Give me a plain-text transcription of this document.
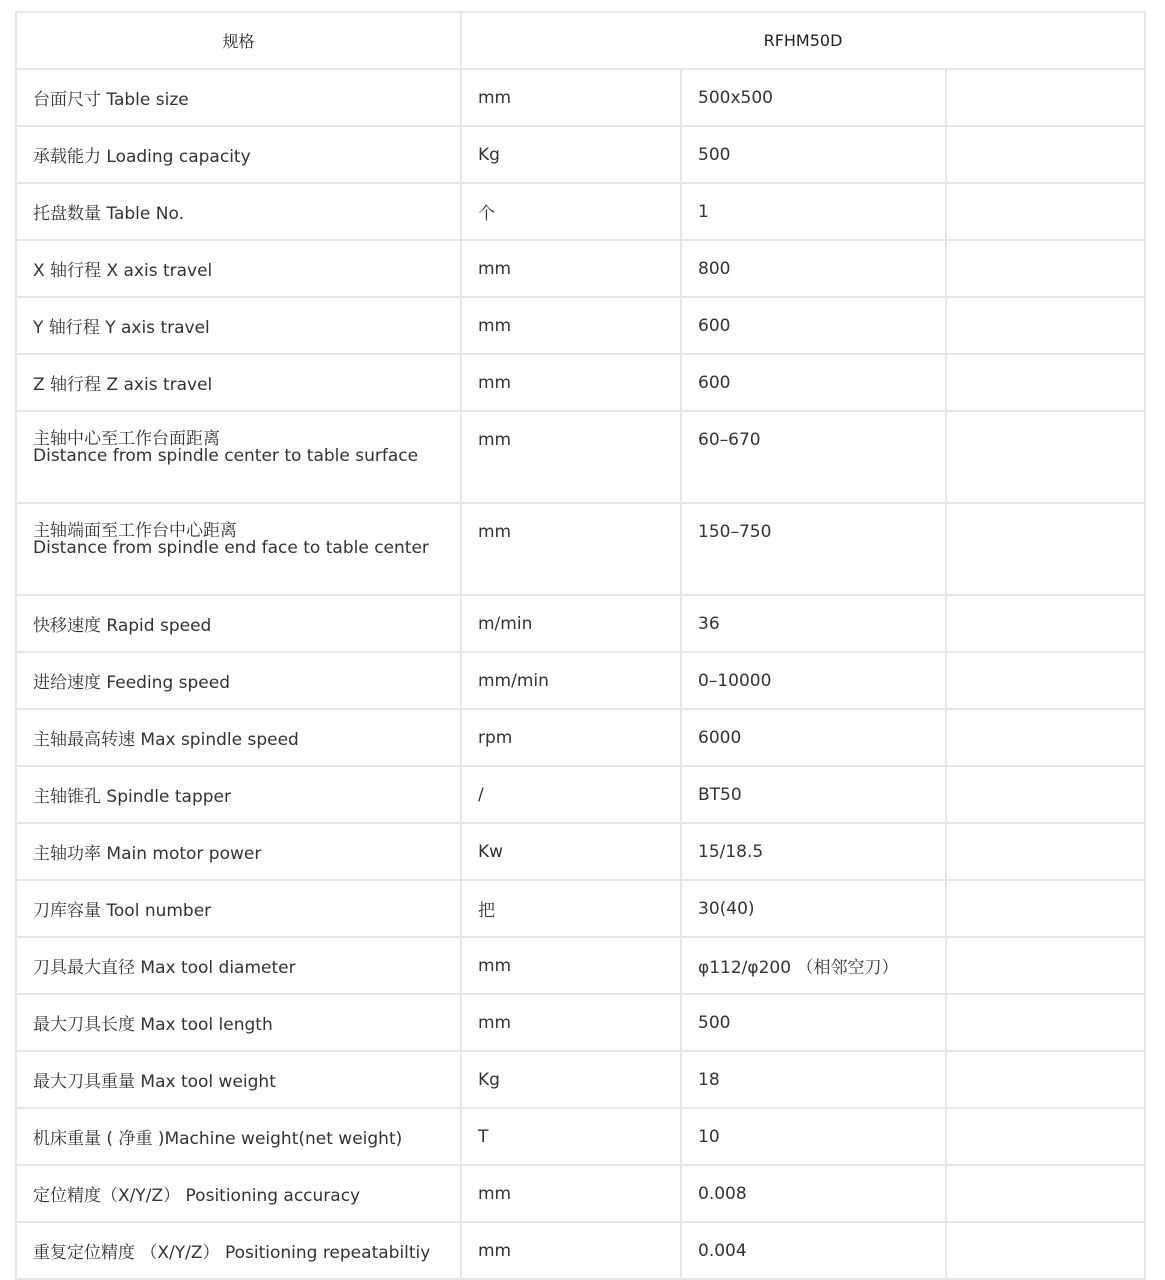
规格	RFHM50D		
台面尺寸 Table size	mm	500x500	
承载能力 Loading capacity	Kg	500	
托盘数量 Table No.	个	1	
X 轴行程 X axis travel	mm	800	
Y 轴行程 Y axis travel	mm	600	
Z 轴行程 Z axis travel	mm	600	

主轴中心至工作台面距离
Distance from spindle center to table surface	mm	60–670	

主轴端面至工作台中心距离
Distance from spindle end face to table center	mm	150–750	
快移速度 Rapid speed	m/min	36	
进给速度 Feeding speed	mm/min	0–10000	
主轴最高转速 Max spindle speed	rpm	6000	
主轴锥孔 Spindle tapper	/	BT50	
主轴功率 Main motor power	Kw	15/18.5	
刀库容量 Tool number	把	30(40)	
刀具最大直径 Max tool diameter	mm	φ112/φ200 （相邻空刀）	
最大刀具长度 Max tool length	mm	500	
最大刀具重量 Max tool weight	Kg	18	
机床重量 ( 净重 )Machine weight(net weight)	T	10	
定位精度（X/Y/Z） Positioning accuracy	mm	0.008	
重复定位精度 （X/Y/Z） Positioning repeatabiltiy	mm	0.004	
